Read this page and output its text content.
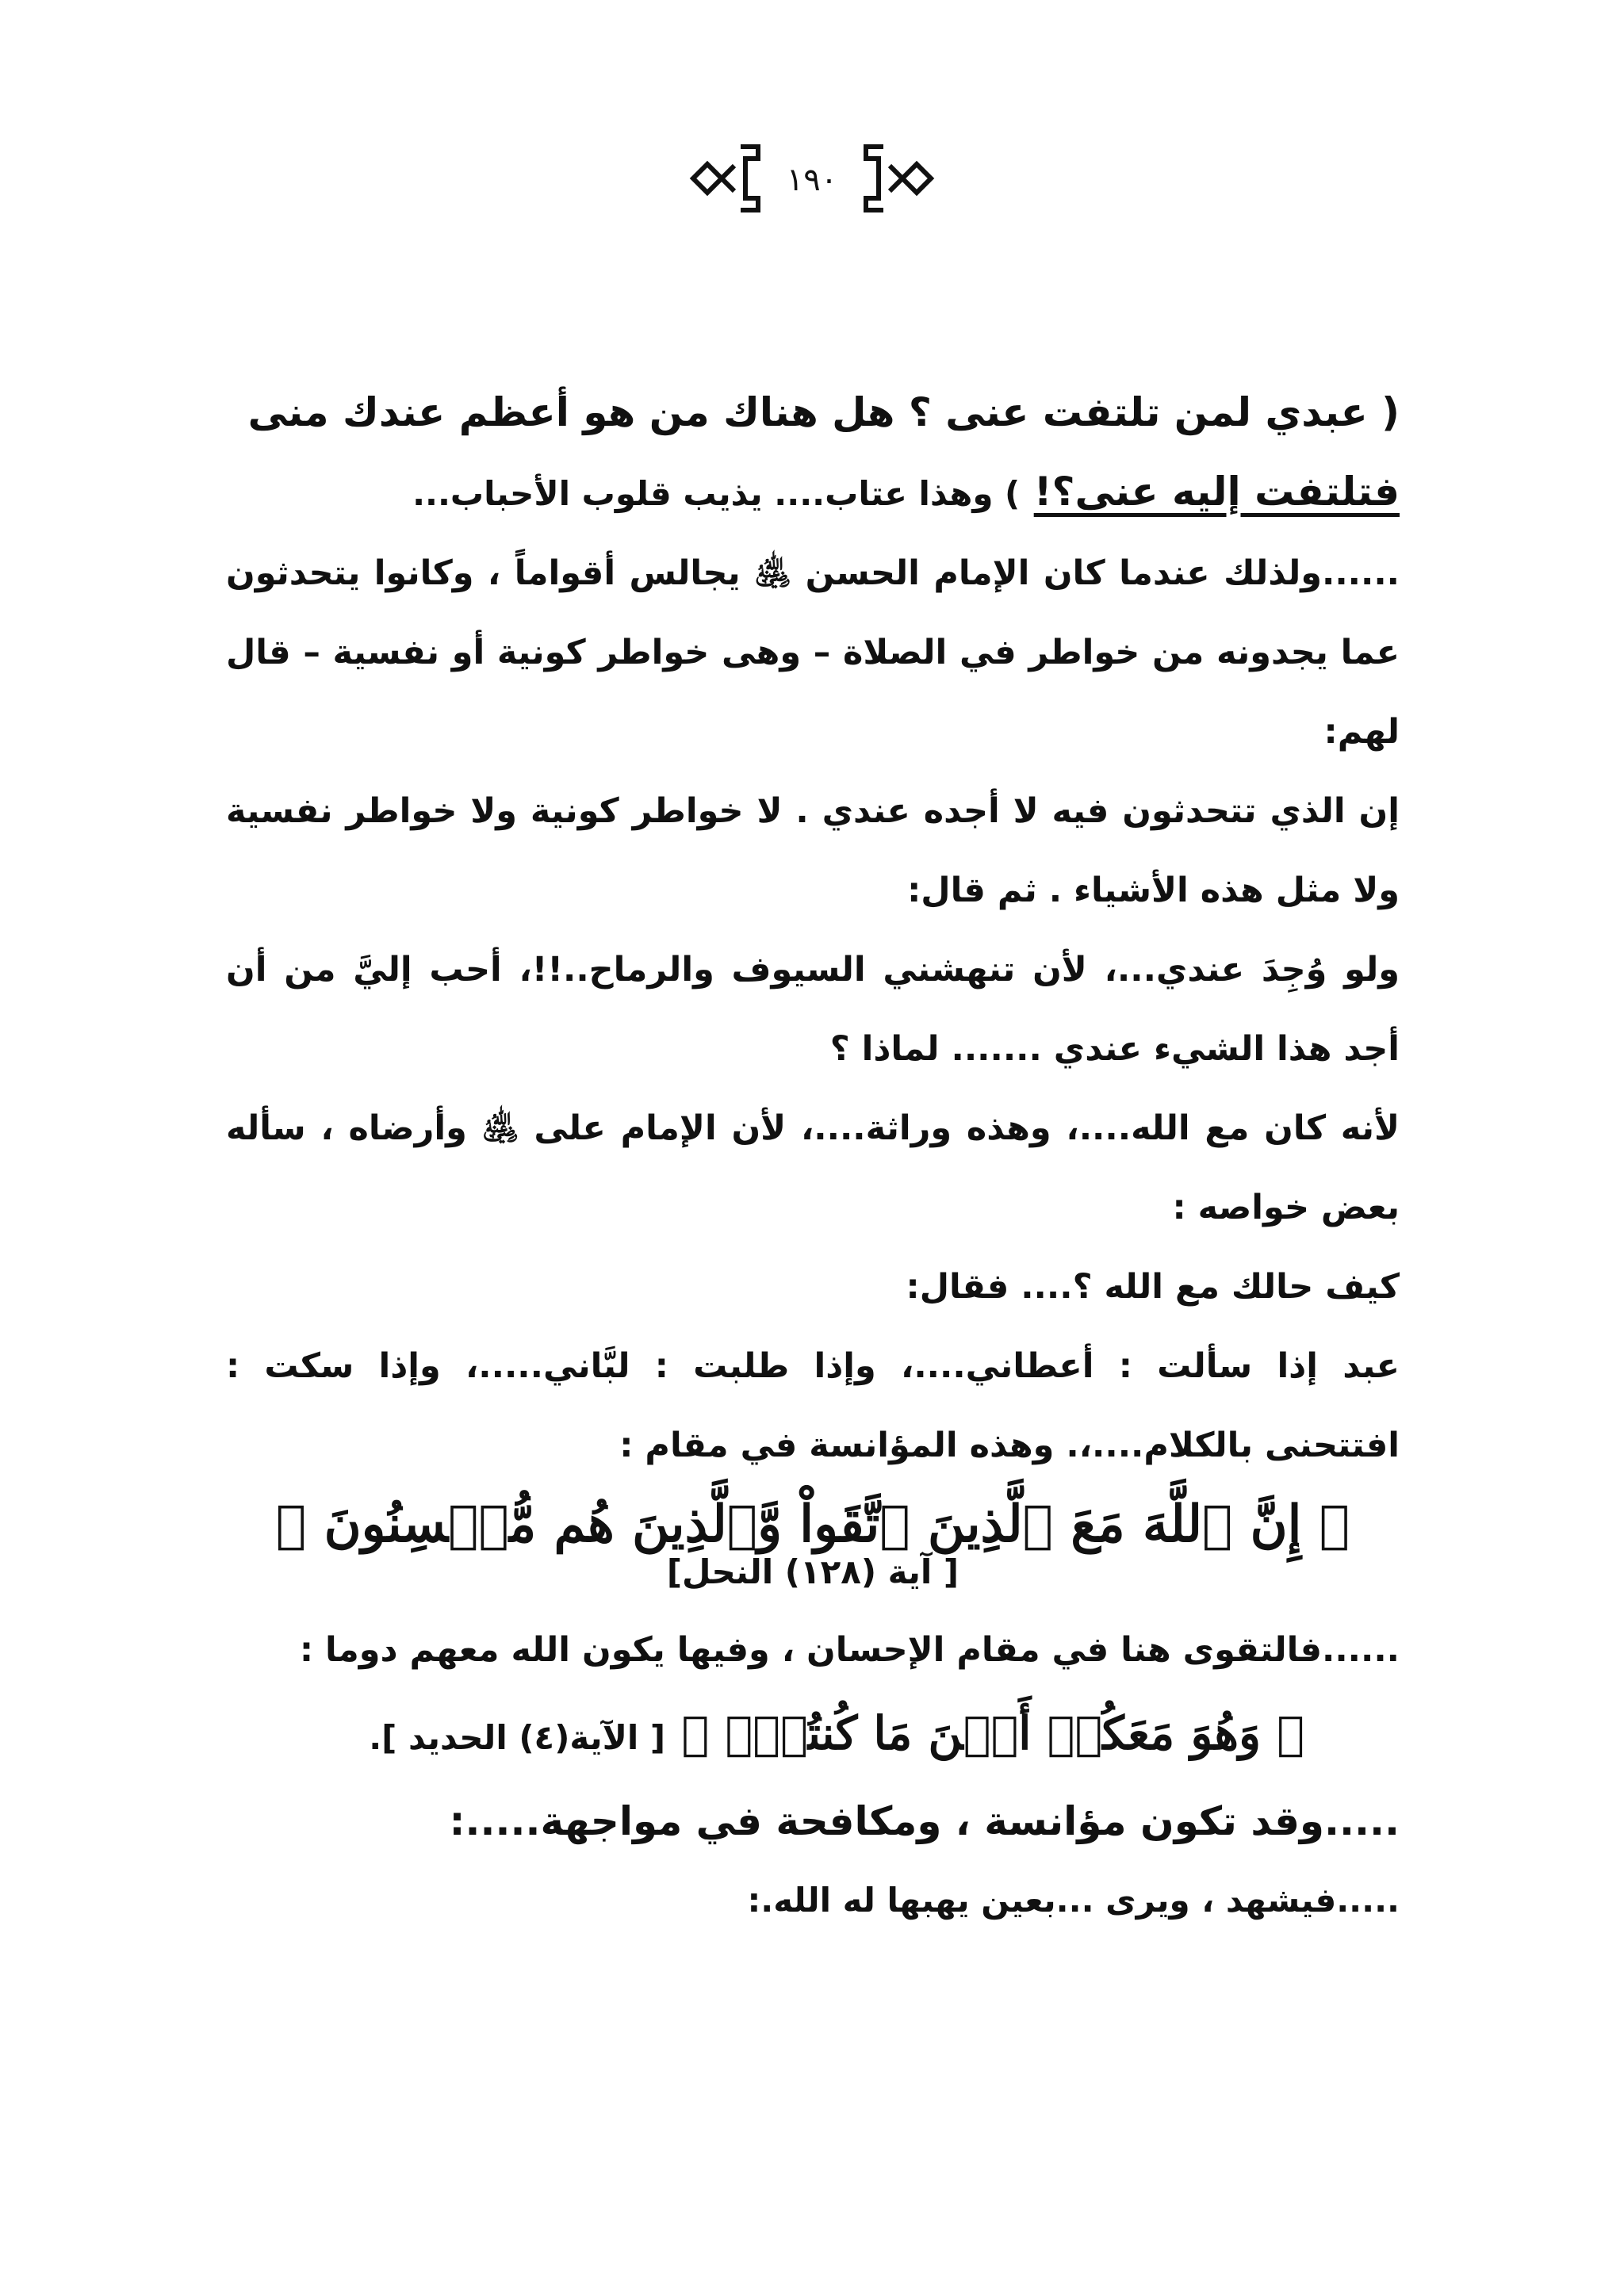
١٩٠

( عبدي لمن تلتفت عنى ؟ هل هناك من هو أعظم عندك منى

فتلتفت إليه عنى؟! ) وهذا عتاب.... يذيب قلوب الأحباب...

......ولذلك عندما كان الإمام الحسن ﵁ يجالس أقواماً ، وكانوا يتحدثون عما يجدونه من خواطر في الصلاة – وهى خواطر كونية أو نفسية – قال لهم:

إن الذي تتحدثون فيه لا أجده عندي . لا خواطر كونية ولا خواطر نفسية ولا مثل هذه الأشياء . ثم قال:

ولو وُجِدَ عندي...، لأن تنهشني السيوف والرماح..!!، أحب إليَّ من أن أجد هذا الشيء عندي ....... لماذا ؟

لأنه كان مع الله....، وهذه وراثة....، لأن الإمام على ﵁ وأرضاه ، سأله بعض خواصه :

كيف حالك مع الله ؟.... فقال:

عبد إذا سألت : أعطاني....، وإذا طلبت : لبَّاني.....، وإذا سكت : افتتحنى بالكلام....،. وهذه المؤانسة في مقام :

﴿ إِنَّ ٱللَّهَ مَعَ ٱلَّذِينَ ٱتَّقَواْ وَّٱلَّذِينَ هُم مُّحۡسِنُونَ ﴾

[ آية (١٢٨) النحل]

......فالتقوى هنا في مقام الإحسان ، وفيها يكون الله معهم دوما :

﴿ وَهُوَ مَعَكُمۡ أَيۡنَ مَا كُنتُمۡۚ ﴾ [ الآية(٤) الحديد ].

.....وقد تكون مؤانسة ، ومكافحة في مواجهة.....:

.....فيشهد ، ويرى ...بعين يهبها له الله.:
